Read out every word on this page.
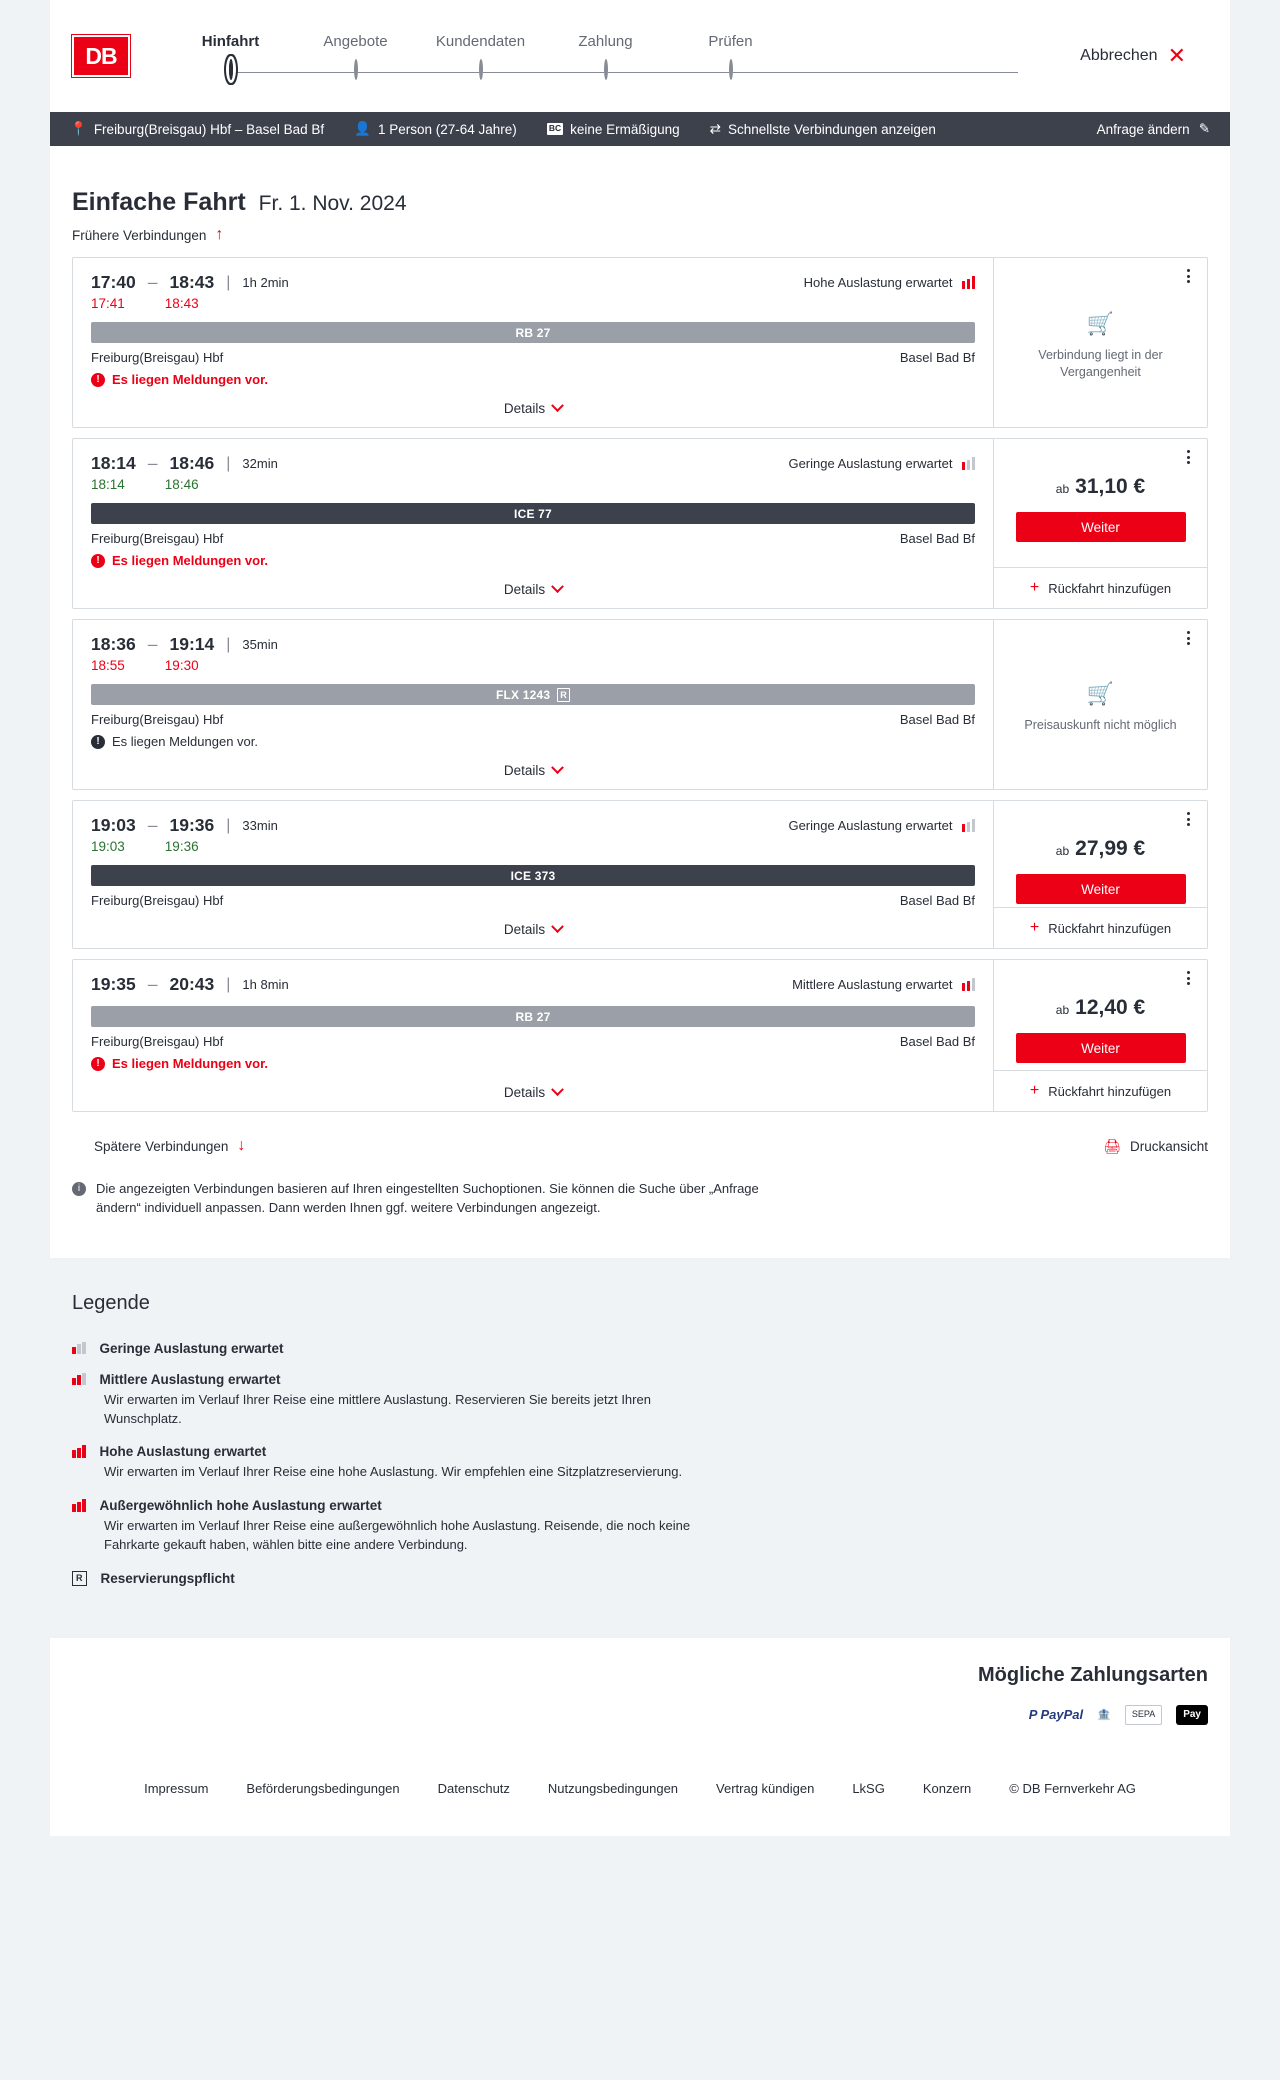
DB
Hinfahrt	Angebote	Kundendaten	Zahlung	Prüfen
Abbrechen ✕
📍 Freiburg(Breisgau) Hbf – Basel Bad Bf 👤 1 Person (27-64 Jahre)	BC keine Ermäßigung ⇄ Schnellste Verbindungen anzeigen	Anfrage ändern ✎
Einfache Fahrt Fr. 1. Nov. 2024
Frühere Verbindungen ↑
17:40 – 18:43 | 1h 2min	Hohe Auslastung erwartet
17:41	18:43
RB 27
Freiburg(Breisgau) Hbf	Basel Bad Bf
! Es liegen Meldungen vor.
Details
🛒
Verbindung liegt in der Vergangenheit
18:14 – 18:46 | 32min	Geringe Auslastung erwartet
18:14	18:46
ICE 77
Freiburg(Breisgau) Hbf	Basel Bad Bf
! Es liegen Meldungen vor.
Details
ab 31,10 €
Weiter
+ Rückfahrt hinzufügen
18:36 – 19:14 | 35min
18:55	19:30
FLX 1243	R
Freiburg(Breisgau) Hbf	Basel Bad Bf
! Es liegen Meldungen vor.
Details
🛒
Preisauskunft nicht möglich
19:03 – 19:36 | 33min	Geringe Auslastung erwartet
19:03	19:36
ICE 373
Freiburg(Breisgau) Hbf	Basel Bad Bf
Details
ab 27,99 €
Weiter
+ Rückfahrt hinzufügen
19:35 – 20:43 | 1h 8min	Mittlere Auslastung erwartet
RB 27
Freiburg(Breisgau) Hbf	Basel Bad Bf
! Es liegen Meldungen vor.
Details
ab 12,40 €
Weiter
+ Rückfahrt hinzufügen
Spätere Verbindungen ↓	🖨 Druckansicht
i	Die angezeigten Verbindungen basieren auf Ihren eingestellten Suchoptionen. Sie können die Suche über „Anfrage ändern“ individuell anpassen. Dann werden Ihnen ggf. weitere Verbindungen angezeigt.
Legende
Geringe Auslastung erwartet
Mittlere Auslastung erwartet
Wir erwarten im Verlauf Ihrer Reise eine mittlere Auslastung. Reservieren Sie bereits jetzt Ihren Wunschplatz.
Hohe Auslastung erwartet
Wir erwarten im Verlauf Ihrer Reise eine hohe Auslastung. Wir empfehlen eine Sitzplatzreservierung.
Außergewöhnlich hohe Auslastung erwartet
Wir erwarten im Verlauf Ihrer Reise eine außergewöhnlich hohe Auslastung. Reisende, die noch keine Fahrkarte gekauft haben, wählen bitte eine andere Verbindung.
R Reservierungspflicht
Mögliche Zahlungsarten
P PayPal 🏦	SEPA	Pay
Impressum	Beförderungsbedingungen	Datenschutz	Nutzungsbedingungen	Vertrag kündigen	LkSG	Konzern	© DB Fernverkehr AG
